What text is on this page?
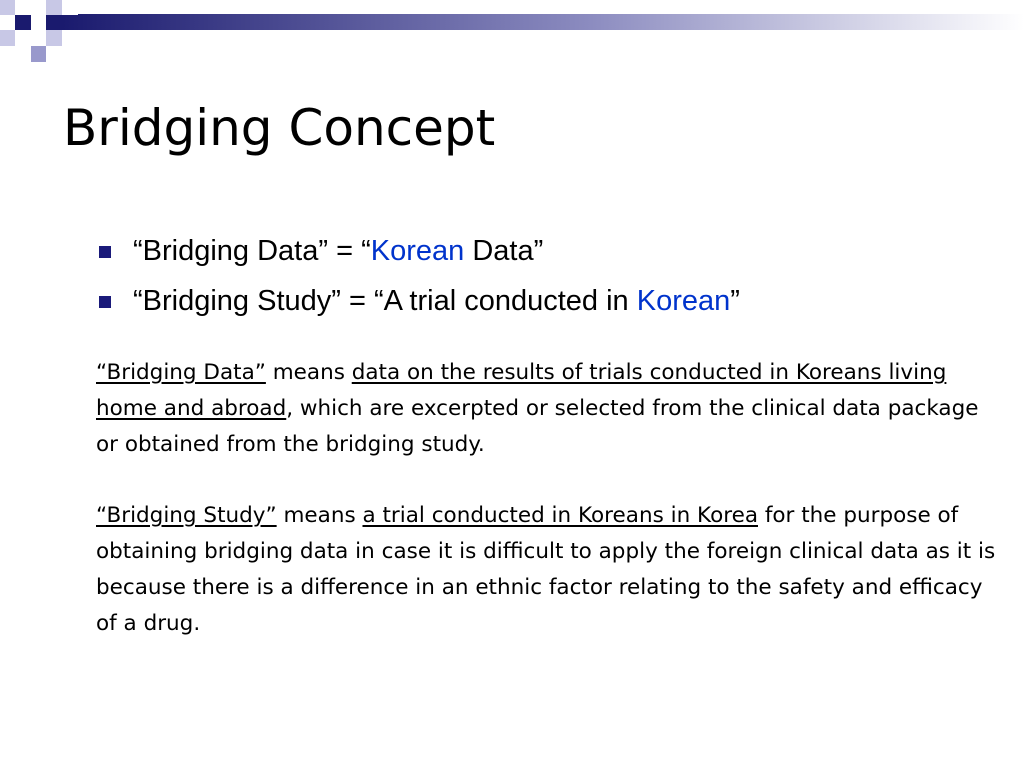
Bridging Concept
“Bridging Data” = “Korean Data”
“Bridging Study” = “A trial conducted in Korean”

“Bridging Data” means data on the results of trials conducted in Koreans living home and abroad, which are excerpted or selected from the clinical data package or obtained from the bridging study.

“Bridging Study” means a trial conducted in Koreans in Korea for the purpose of obtaining bridging data in case it is difficult to apply the foreign clinical data as it is because there is a difference in an ethnic factor relating to the safety and efficacy of a drug.
